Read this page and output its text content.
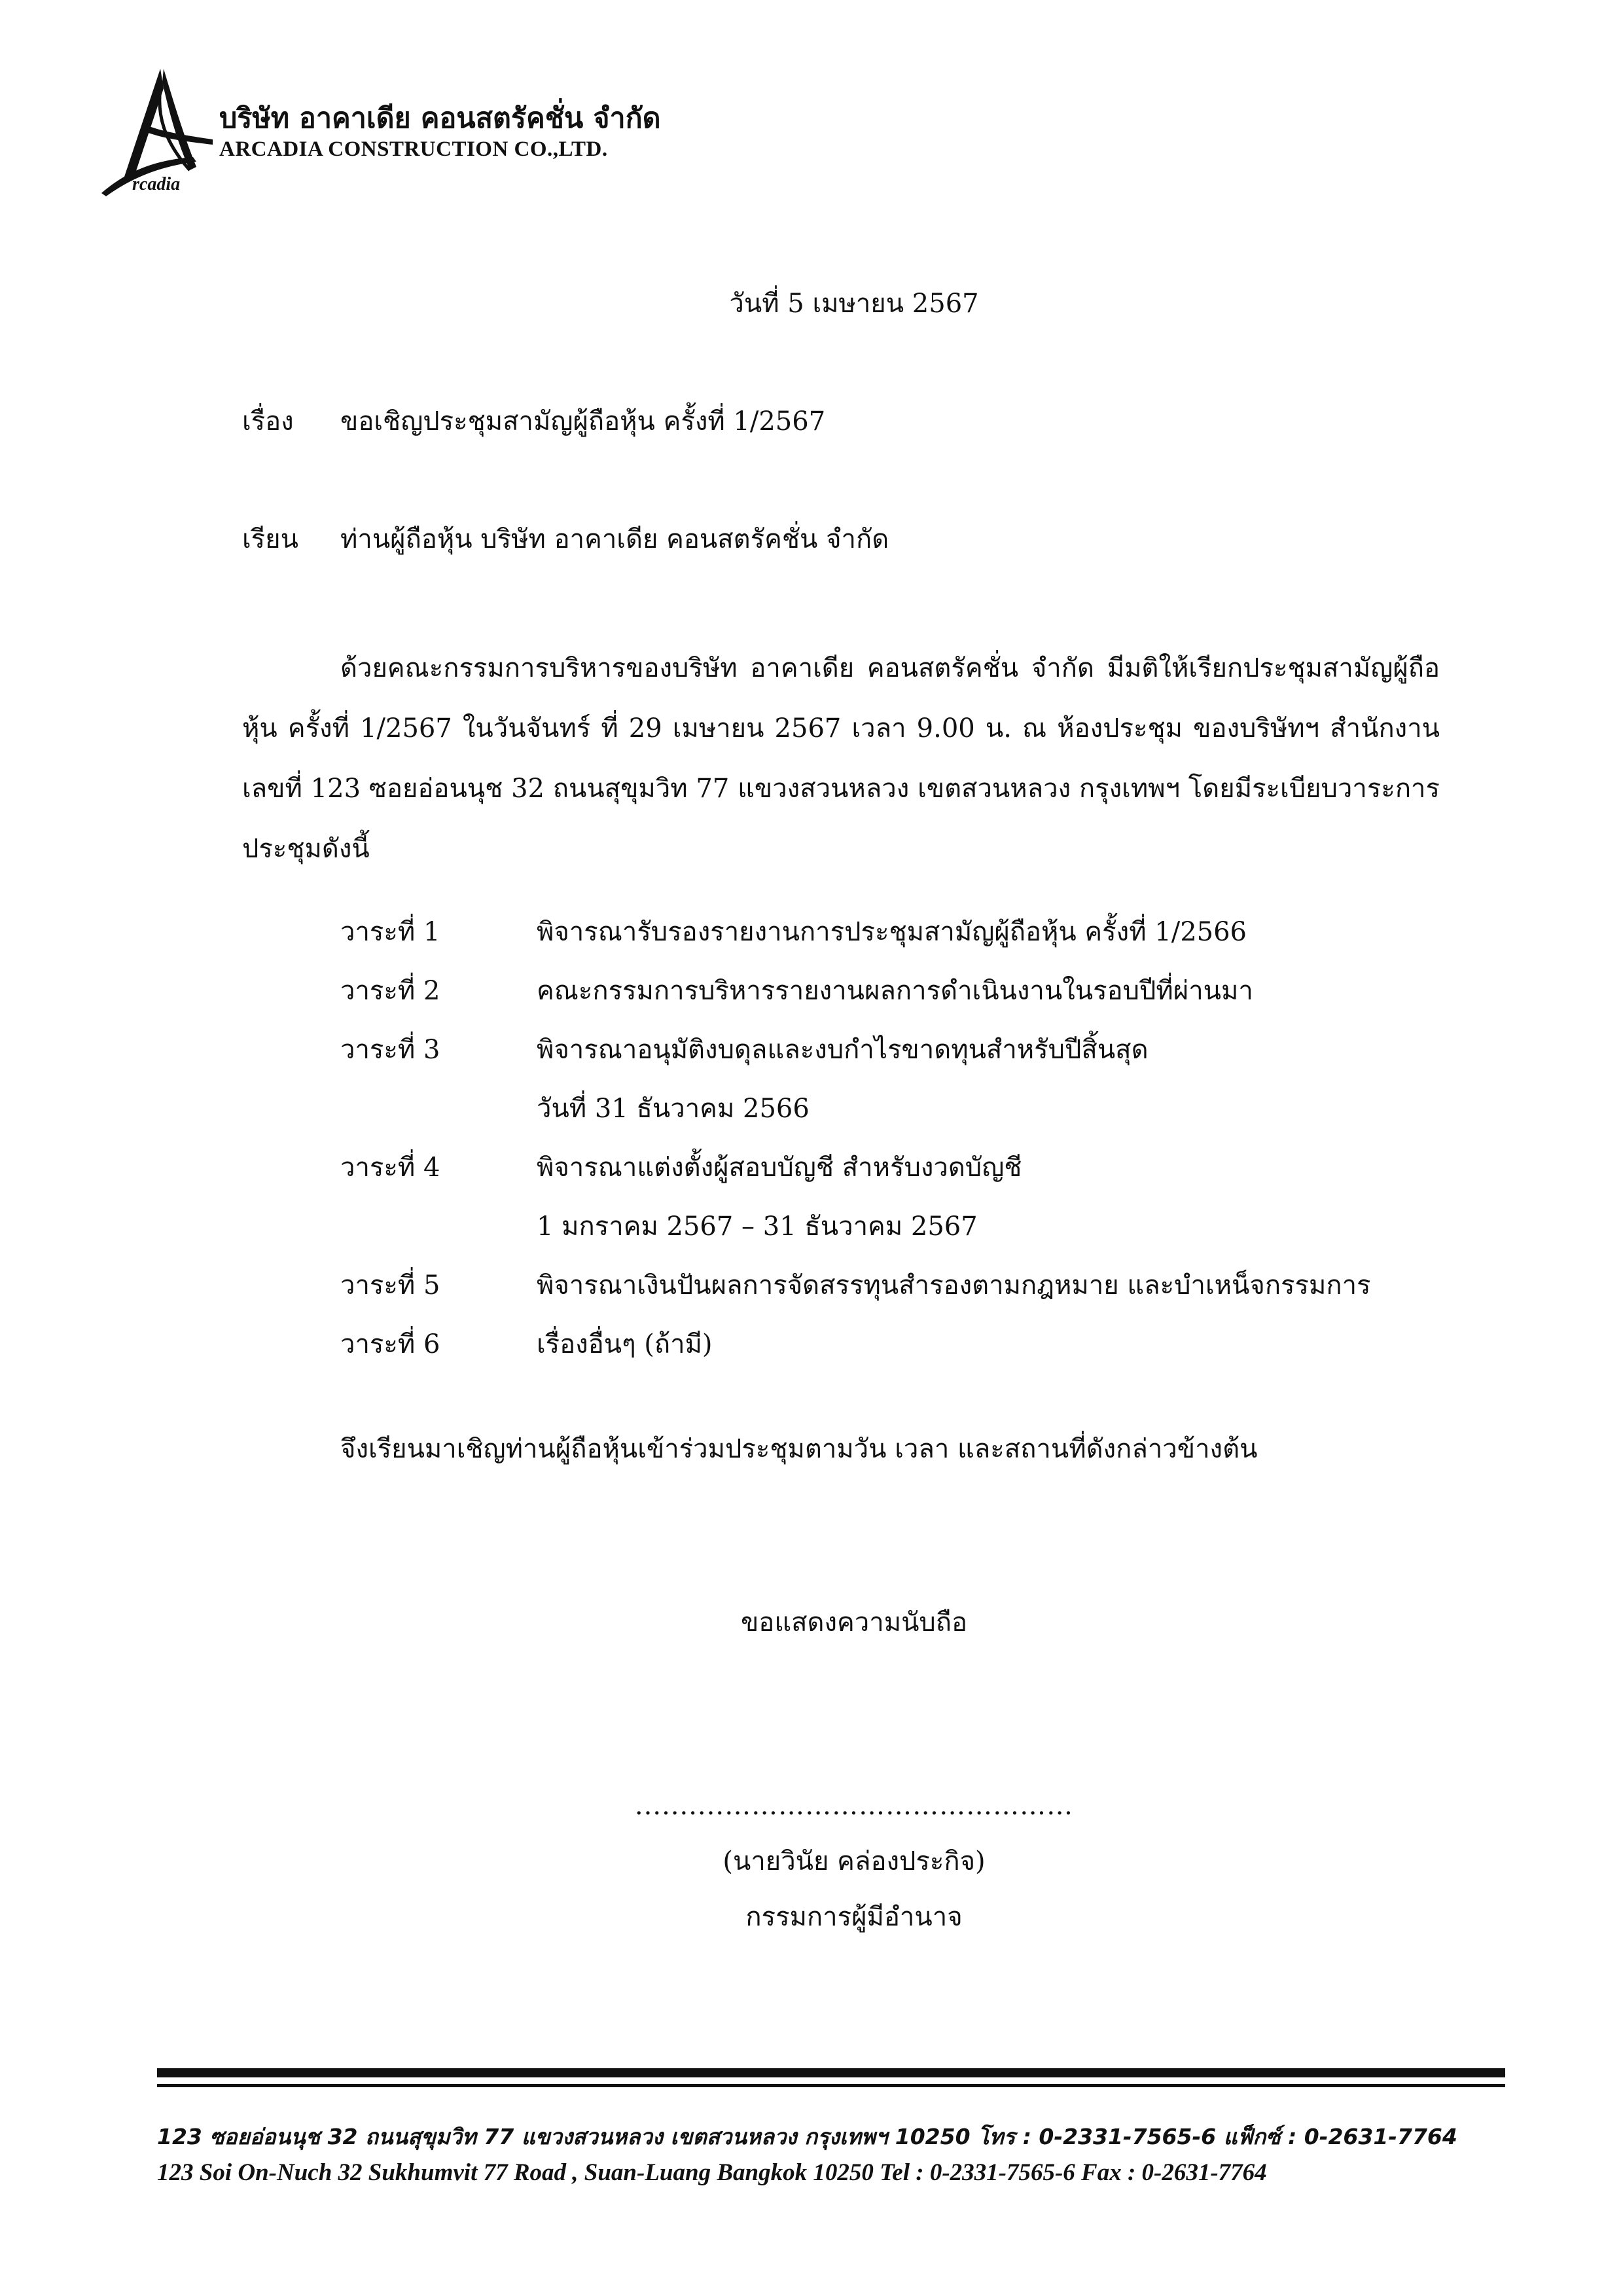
rcadia
บริษัท อาคาเดีย คอนสตรัคชั่น จำกัด
ARCADIA CONSTRUCTION CO.,LTD.
วันที่ 5 เมษายน 2567
เรื่อง ขอเชิญประชุมสามัญผู้ถือหุ้น ครั้งที่ 1/2567
เรียน ท่านผู้ถือหุ้น บริษัท อาคาเดีย คอนสตรัคชั่น จำกัด

ด้วยคณะกรรมการบริหารของบริษัท อาคาเดีย คอนสตรัคชั่น จำกัด มีมติให้เรียกประชุมสามัญผู้ถือหุ้น ครั้งที่ 1/2567 ในวันจันทร์ ที่ 29 เมษายน 2567 เวลา 9.00 น. ณ ห้องประชุม ของบริษัทฯ สำนักงานเลขที่ 123 ซอยอ่อนนุช 32 ถนนสุขุมวิท 77 แขวงสวนหลวง เขตสวนหลวง กรุงเทพฯ โดยมีระเบียบวาระการประชุมดังนี้

วาระที่ 1	พิจารณารับรองรายงานการประชุมสามัญผู้ถือหุ้น ครั้งที่ 1/2566
วาระที่ 2	คณะกรรมการบริหารรายงานผลการดำเนินงานในรอบปีที่ผ่านมา
วาระที่ 3	พิจารณาอนุมัติงบดุลและงบกำไรขาดทุนสำหรับปีสิ้นสุด
วันที่ 31 ธันวาคม 2566
วาระที่ 4	พิจารณาแต่งตั้งผู้สอบบัญชี สำหรับงวดบัญชี
1 มกราคม 2567 – 31 ธันวาคม 2567
วาระที่ 5	พิจารณาเงินปันผลการจัดสรรทุนสำรองตามกฎหมาย และบำเหน็จกรรมการ
วาระที่ 6	เรื่องอื่นๆ (ถ้ามี)
จึงเรียนมาเชิญท่านผู้ถือหุ้นเข้าร่วมประชุมตามวัน เวลา และสถานที่ดังกล่าวข้างต้น
ขอแสดงความนับถือ
..........…………………………………
(นายวินัย คล่องประกิจ)
กรรมการผู้มีอำนาจ
123 ซอยอ่อนนุช 32 ถนนสุขุมวิท 77 แขวงสวนหลวง เขตสวนหลวง กรุงเทพฯ 10250 โทร : 0-2331-7565-6 แฟ็กซ์ : 0-2631-7764
123 Soi On-Nuch 32 Sukhumvit 77 Road , Suan-Luang Bangkok 10250 Tel : 0-2331-7565-6 Fax : 0-2631-7764
